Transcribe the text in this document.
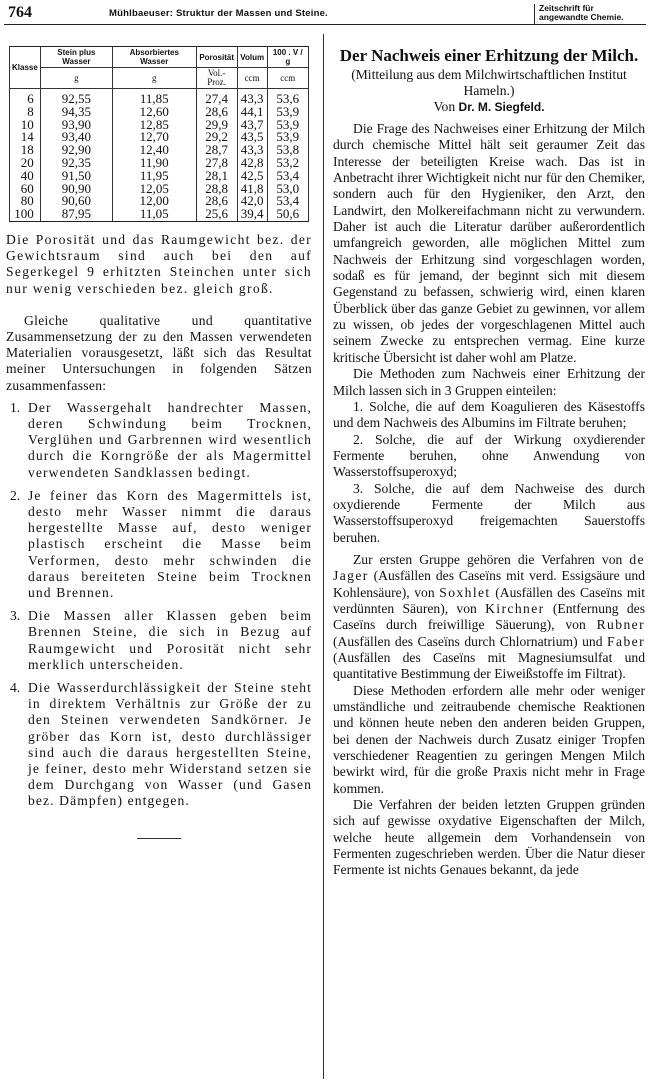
764	Mühlbaeuser: Struktur der Massen und Steine.	Zeitschrift für
angewandte Chemie.
Klasse	Stein plus Wasser	Absorbiertes Wasser	Porosität	Volum	100 . V / g
	g	g	Vol.-Proz.	ccm	ccm
6	92,55	11,85	27,4	43,3	53,6
8	94,35	12,60	28,6	44,1	53,9
10	93,90	12,85	29,9	43,7	53,9
14	93,40	12,70	29,2	43,5	53,9
18	92,90	12,40	28,7	43,3	53,8
20	92,35	11,90	27,8	42,8	53,2
40	91,50	11,95	28,1	42,5	53,4
60	90,90	12,05	28,8	41,8	53,0
80	90,60	12,00	28,6	42,0	53,4
100	87,95	11,05	25,6	39,4	50,6

Die Porosität und das Raumgewicht bez. der Gewichtsraum sind auch bei den auf Segerkegel 9 erhitzten Steinchen unter sich nur wenig verschieden bez. gleich groß.

Gleiche qualitative und quantitative Zusammensetzung der zu den Massen verwendeten Materialien vorausgesetzt, läßt sich das Resultat meiner Untersuchungen in folgenden Sätzen zusammenfassen:

1. Der Wassergehalt handrechter Massen, deren Schwindung beim Trocknen, Verglühen und Garbrennen wird wesentlich durch die Korngröße der als Magermittel verwendeten Sandklassen bedingt.
2. Je feiner das Korn des Magermittels ist, desto mehr Wasser nimmt die daraus hergestellte Masse auf, desto weniger plastisch erscheint die Masse beim Verformen, desto mehr schwinden die daraus bereiteten Steine beim Trocknen und Brennen.
3. Die Massen aller Klassen geben beim Brennen Steine, die sich in Bezug auf Raumgewicht und Porosität nicht sehr merklich unterscheiden.
4. Die Wasserdurchlässigkeit der Steine steht in direktem Verhältnis zur Größe der zu den Steinen verwendeten Sandkörner. Je gröber das Korn ist, desto durchlässiger sind auch die daraus hergestellten Steine, je feiner, desto mehr Widerstand setzen sie dem Durchgang von Wasser (und Gasen bez. Dämpfen) entgegen.

Der Nachweis einer Erhitzung der Milch.

(Mitteilung aus dem Milchwirtschaftlichen Institut Hameln.)

Von Dr. M. Siegfeld.

Die Frage des Nachweises einer Erhitzung der Milch durch chemische Mittel hält seit geraumer Zeit das Interesse der beteiligten Kreise wach. Das ist in Anbetracht ihrer Wichtigkeit nicht nur für den Chemiker, sondern auch für den Hygieniker, den Arzt, den Landwirt, den Molkereifachmann nicht zu verwundern. Daher ist auch die Literatur darüber außerordentlich umfangreich geworden, alle möglichen Mittel zum Nachweis der Erhitzung sind vorgeschlagen worden, sodaß es für jemand, der beginnt sich mit diesem Gegenstand zu befassen, schwierig wird, einen klaren Überblick über das ganze Gebiet zu gewinnen, vor allem zu wissen, ob jedes der vorgeschlagenen Mittel auch seinem Zwecke zu entsprechen vermag. Eine kurze kritische Übersicht ist daher wohl am Platze.

Die Methoden zum Nachweis einer Erhitzung der Milch lassen sich in 3 Gruppen einteilen:

1. Solche, die auf dem Koagulieren des Käsestoffs und dem Nachweis des Albumins im Filtrate beruhen;

2. Solche, die auf der Wirkung oxydierender Fermente beruhen, ohne Anwendung von Wasserstoffsuperoxyd;

3. Solche, die auf dem Nachweise des durch oxydierende Fermente der Milch aus Wasserstoffsuperoxyd freigemachten Sauerstoffs beruhen.

Zur ersten Gruppe gehören die Verfahren von de Jager (Ausfällen des Caseïns mit verd. Essigsäure und Kohlensäure), von Soxhlet (Ausfällen des Caseïns mit verdünnten Säuren), von Kirchner (Entfernung des Caseïns durch freiwillige Säuerung), von Rubner (Ausfällen des Caseïns durch Chlornatrium) und Faber (Ausfällen des Caseïns mit Magnesiumsulfat und quantitative Bestimmung der Eiweißstoffe im Filtrat).

Diese Methoden erfordern alle mehr oder weniger umständliche und zeitraubende chemische Reaktionen und können heute neben den anderen beiden Gruppen, bei denen der Nachweis durch Zusatz einiger Tropfen verschiedener Reagentien zu geringen Mengen Milch bewirkt wird, für die große Praxis nicht mehr in Frage kommen.

Die Verfahren der beiden letzten Gruppen gründen sich auf gewisse oxydative Eigenschaften der Milch, welche heute allgemein dem Vorhandensein von Fermenten zugeschrieben werden. Über die Natur dieser Fermente ist nichts Genaues bekannt, da jede
